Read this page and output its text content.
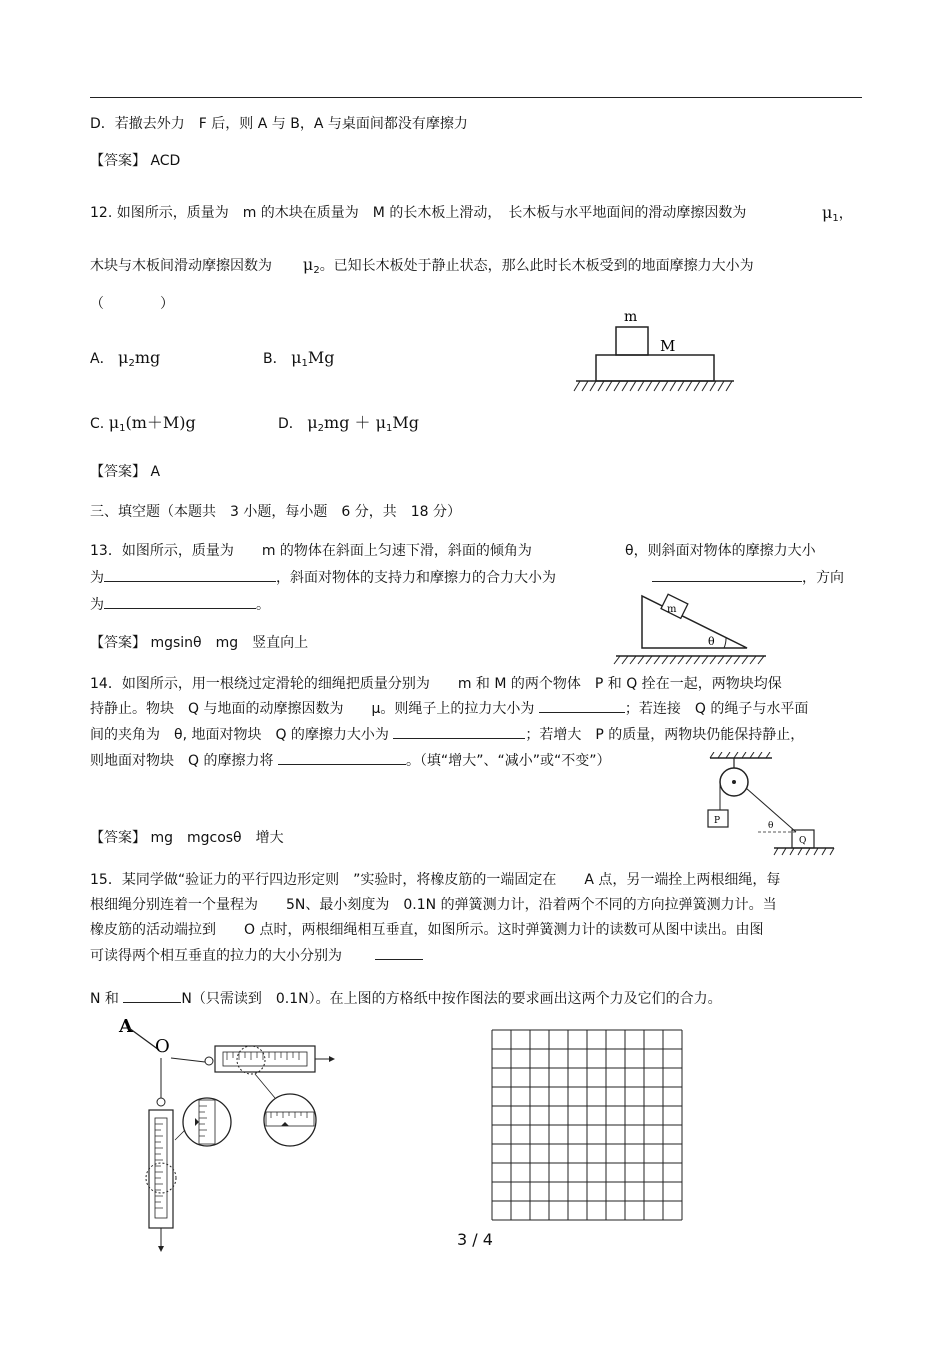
D．若撤去外力　F 后，则 A 与 B，A 与桌面间都没有摩擦力
【答案】 ACD
12. 如图所示，质量为　m 的木块在质量为　M 的长木板上滑动，　长木板与水平地面间的滑动摩擦因数为	$\mu_1$，
木块与木板间滑动摩擦因数为 $\mu_2$。已知长木板处于静止状态，那么此时长木板受到的地面摩擦力大小为
（　　　　）
A． $\mu_2mg$	B． $\mu_1Mg$
C. $\mu_1(m+M)g$	D． $\mu_2mg + \mu_1Mg$
m
M
【答案】 A
三、填空题（本题共　3 小题，每小题　6 分，共　18 分）
13．如图所示，质量为　　m 的物体在斜面上匀速下滑，斜面的倾角为	θ，则斜面对物体的摩擦力大小
为	，斜面对物体的支持力和摩擦力的合力大小为	，方向
为	。	m
θ
【答案】 mgsinθ　mg　竖直向上
14．如图所示，用一根绕过定滑轮的细绳把质量分别为　　m 和 M 的两个物体　P 和 Q 拴在一起，两物块均保
持静止。物块　Q 与地面的动摩擦因数为　　μ。则绳子上的拉力大小为	；若连接　Q 的绳子与水平面
间的夹角为　θ, 地面对物块　Q 的摩擦力大小为	；若增大　P 的质量，两物块仍能保持静止，
则地面对物块　Q 的摩擦力将	。（填“增大”、“减小”或“不变”）
P	θ
Q
【答案】 mg　mgcosθ　增大
15．某同学做“验证力的平行四边形定则　”实验时，将橡皮筋的一端固定在　　A 点，另一端拴上两根细绳，每
根细绳分别连着一个量程为　　5N、最小刻度为　0.1N 的弹簧测力计，沿着两个不同的方向拉弹簧测力计。当
橡皮筋的活动端拉到　　O 点时，两根细绳相互垂直，如图所示。这时弹簧测力计的读数可从图中读出。由图
可读得两个相互垂直的拉力的大小分别为
N 和	N（只需读到　0.1N）。在上图的方格纸中按作图法的要求画出这两个力及它们的合力。
A
O
3 / 4
